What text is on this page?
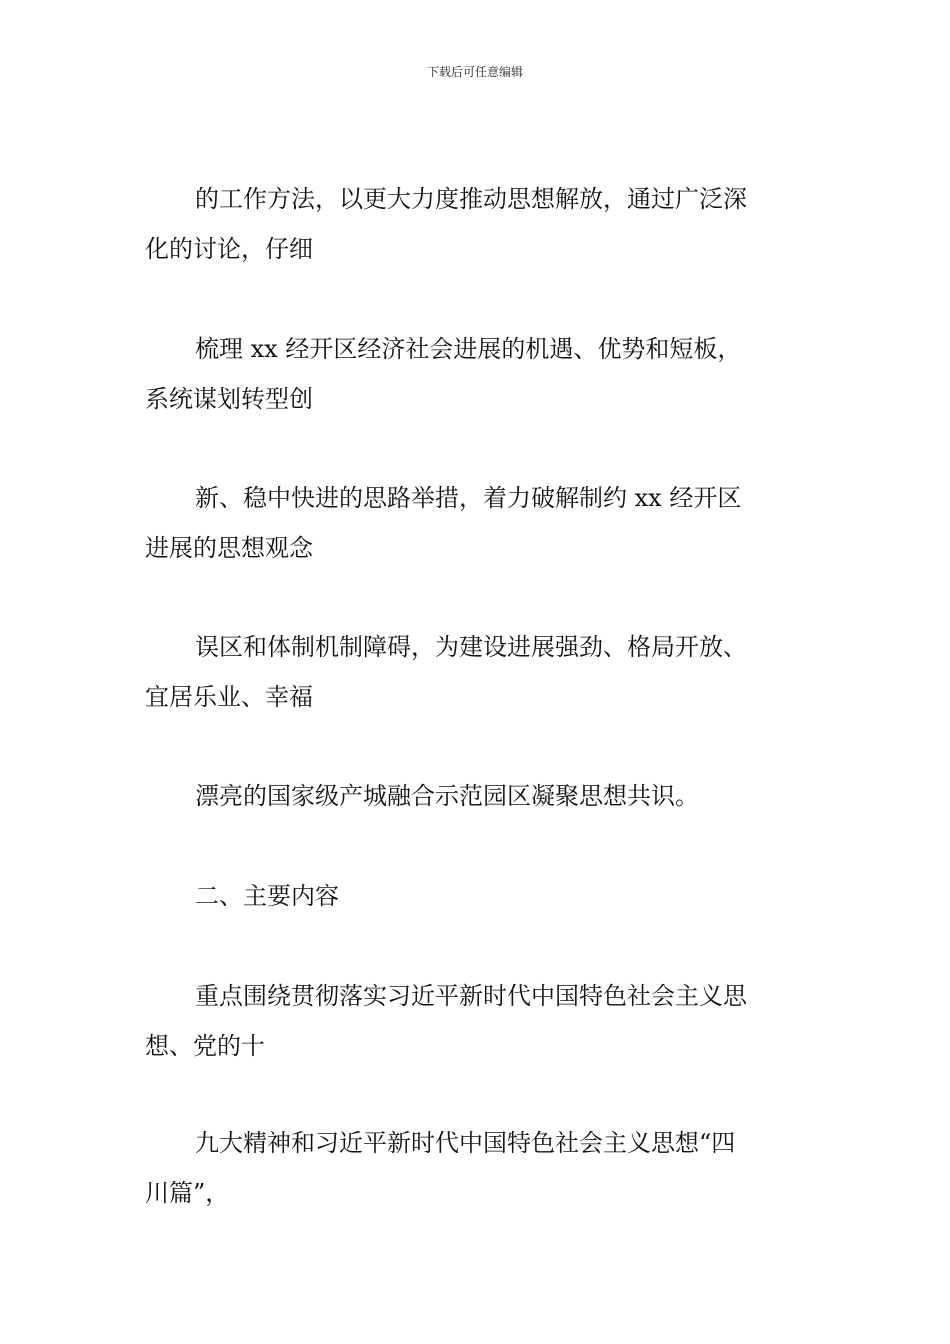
下载后可任意编辑
的工作方法，以更大力度推动思想解放，通过广泛深
化的讨论，仔细
梳理 xx 经开区经济社会进展的机遇、优势和短板，
系统谋划转型创
新、稳中快进的思路举措，着力破解制约 xx 经开区
进展的思想观念
误区和体制机制障碍，为建设进展强劲、格局开放、
宜居乐业、幸福
漂亮的国家级产城融合示范园区凝聚思想共识。
二、主要内容
重点围绕贯彻落实习近平新时代中国特色社会主义思
想、党的十
九大精神和习近平新时代中国特色社会主义思想“四
川篇”，
